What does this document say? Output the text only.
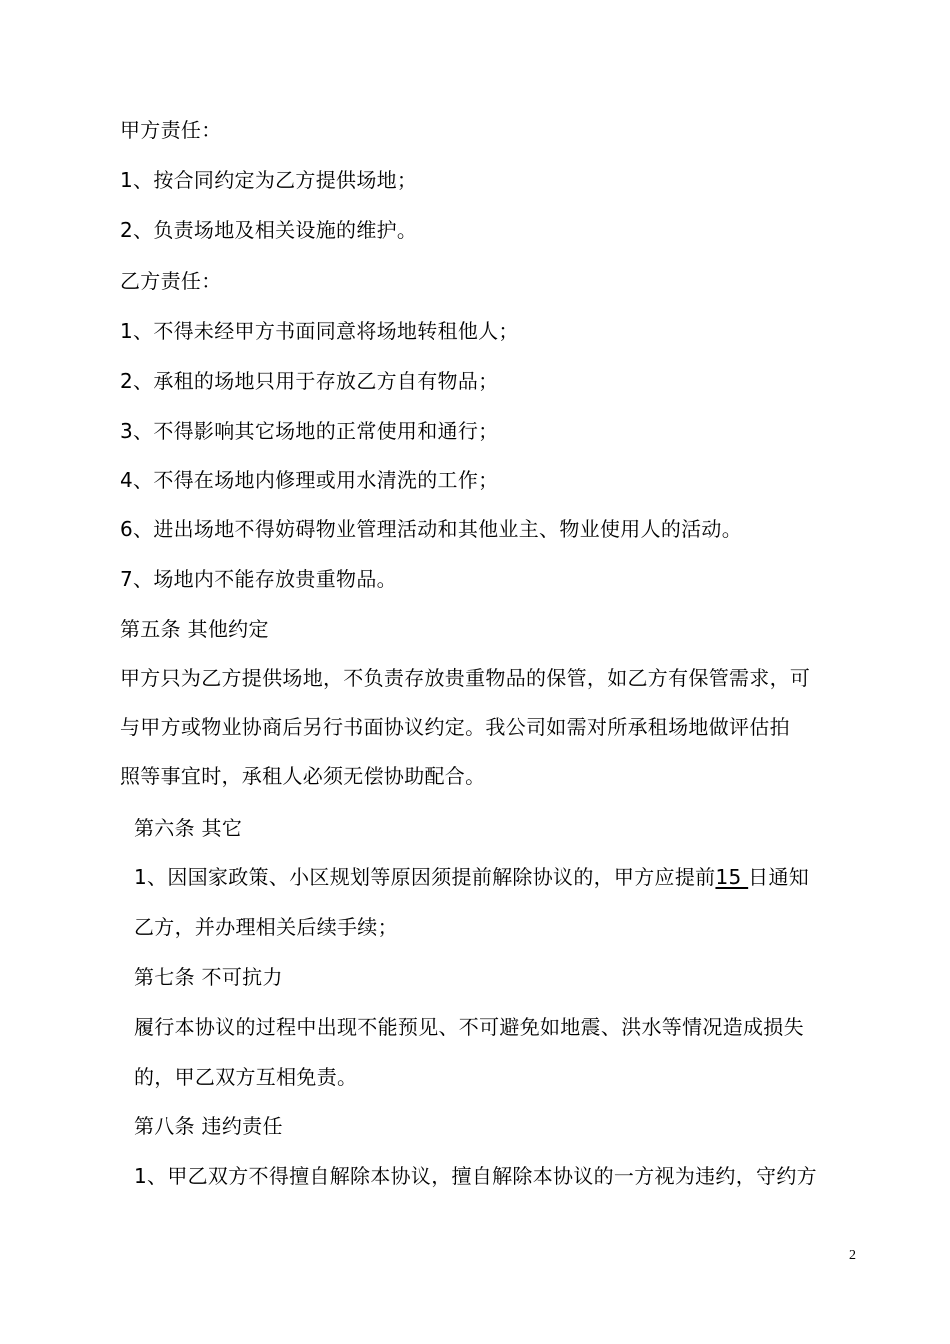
甲方责任：
1、按合同约定为乙方提供场地；
2、负责场地及相关设施的维护。
乙方责任：
1、不得未经甲方书面同意将场地转租他人；
2、承租的场地只用于存放乙方自有物品；
3、不得影响其它场地的正常使用和通行；
4、不得在场地内修理或用水清洗的工作；
6、进出场地不得妨碍物业管理活动和其他业主、物业使用人的活动。
7、场地内不能存放贵重物品。
第五条 其他约定
甲方只为乙方提供场地，不负责存放贵重物品的保管，如乙方有保管需求，可
与甲方或物业协商后另行书面协议约定。我公司如需对所承租场地做评估拍
照等事宜时，承租人必须无偿协助配合。
第六条 其它
1、因国家政策、小区规划等原因须提前解除协议的，甲方应提前15 日通知
乙方，并办理相关后续手续；
第七条 不可抗力
履行本协议的过程中出现不能预见、不可避免如地震、洪水等情况造成损失
的，甲乙双方互相免责。
第八条 违约责任
1、甲乙双方不得擅自解除本协议，擅自解除本协议的一方视为违约，守约方
2
